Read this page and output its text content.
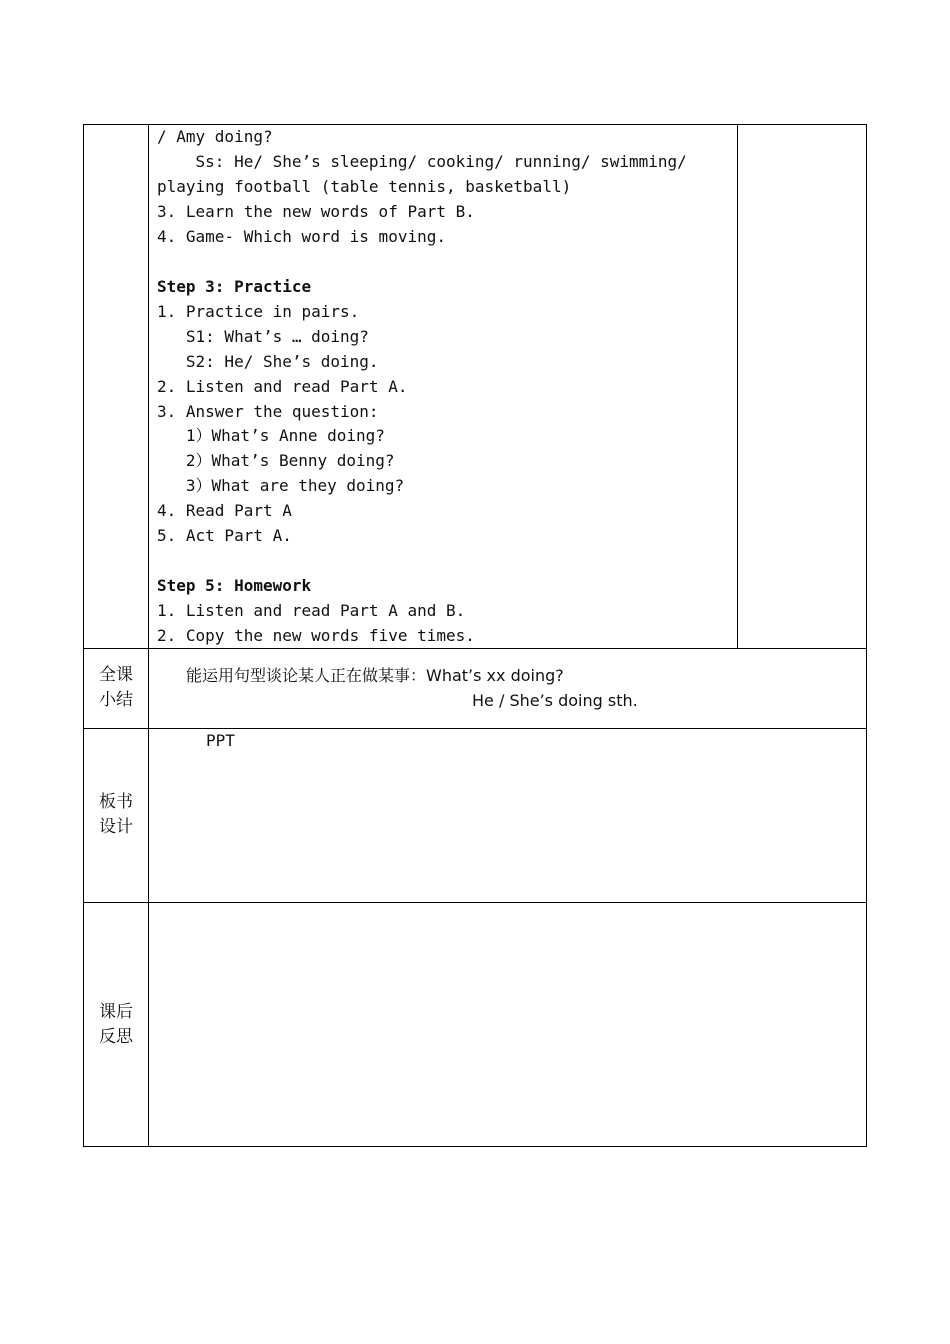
/ Amy doing?
Ss: He/ She’s sleeping/ cooking/ running/ swimming/
playing football (table tennis, basketball)
3. Learn the new words of Part B.
4. Game- Which word is moving.
Step 3: Practice
1. Practice in pairs.
S1: What’s … doing?
S2: He/ She’s doing.
2. Listen and read Part A.
3. Answer the question:
1）What’s Anne doing?
2）What’s Benny doing?
3）What are they doing?
4. Read Part A
5. Act Part A.
Step 5: Homework
1. Listen and read Part A and B.
2. Copy the new words five times.
全课
小结
能运用句型谈论某人正在做某事：What’s xx doing?
He / She’s doing sth.
板书
设计
PPT
课后
反思
